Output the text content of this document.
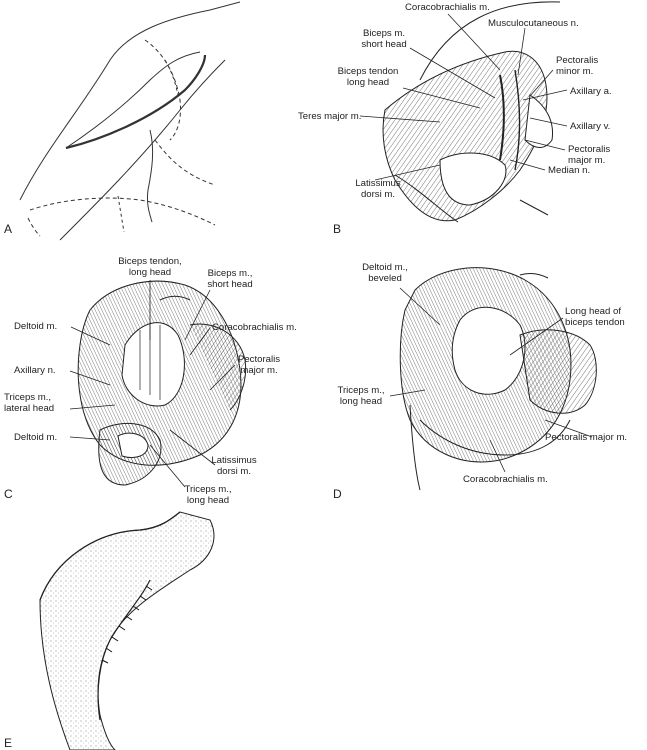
A	B
C	D
E
Coracobrachialis m.
Musculocutaneous n.
Biceps m.
short head
Pectoralis
minor m.
Biceps tendon
long head
Axillary a.
Teres major m.
Axillary v.
Pectoralis
major m.
Latissimus
dorsi m.
Median n.
Biceps tendon,
long head	Biceps m.,
short head
Deltoid m.	Coracobrachialis m.
Axillary n.
Pectoralis
major m.
Triceps m.,
lateral head
Deltoid m.
Latissimus
dorsi m.
Triceps m.,
long head
Deltoid m.,
beveled
Long head of
biceps tendon
Triceps m.,
long head
Pectoralis major m.
Coracobrachialis m.
